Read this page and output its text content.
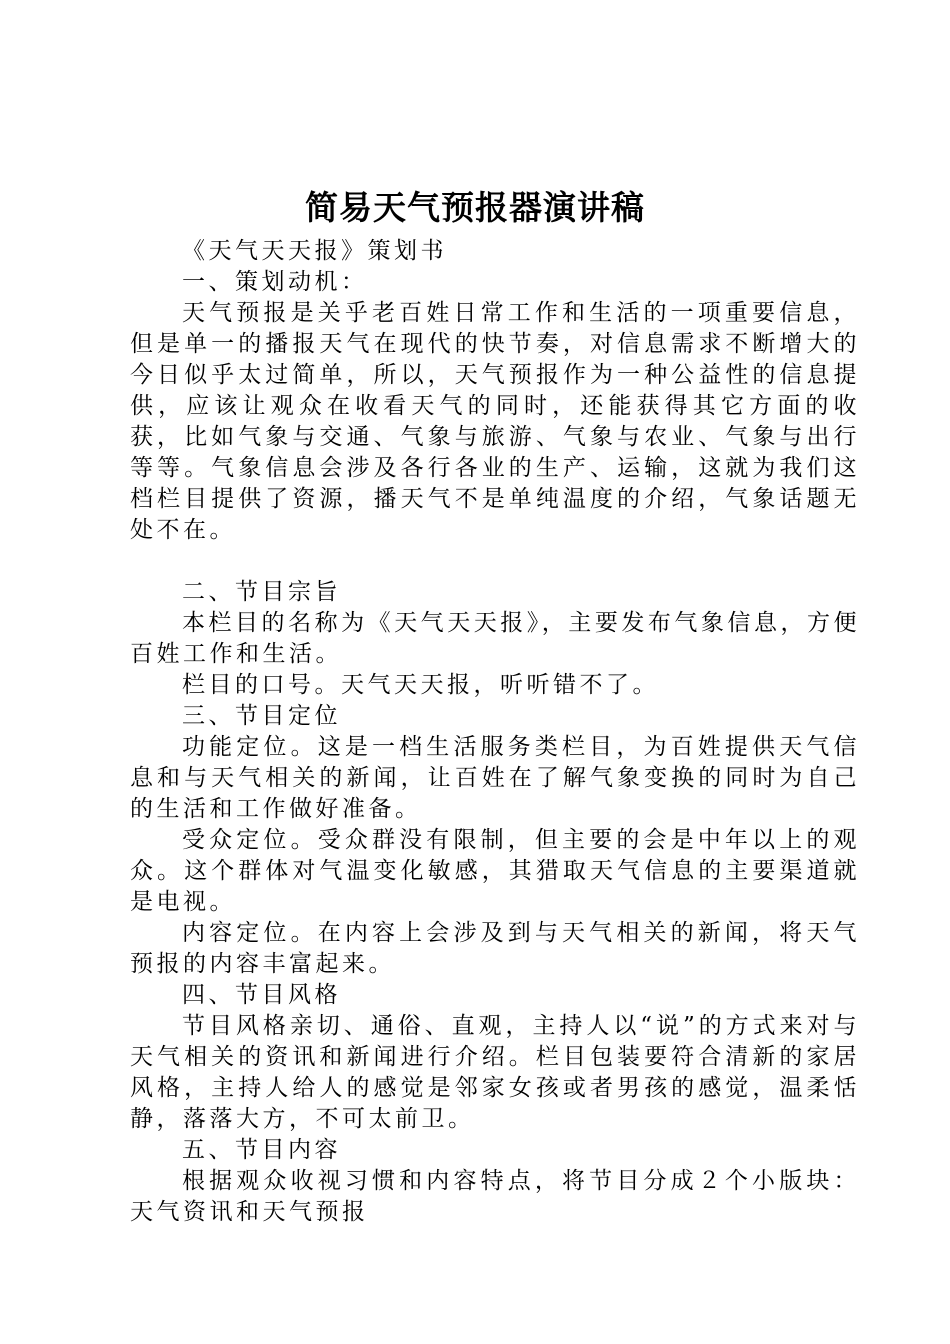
简易天气预报器演讲稿

《天气天天报》策划书

一、策划动机：

天气预报是关乎老百姓日常工作和生活的一项重要信息，但是单一的播报天气在现代的快节奏，对信息需求不断增大的今日似乎太过简单，所以，天气预报作为一种公益性的信息提供，应该让观众在收看天气的同时，还能获得其它方面的收获，比如气象与交通、气象与旅游、气象与农业、气象与出行等等。气象信息会涉及各行各业的生产、运输，这就为我们这档栏目提供了资源，播天气不是单纯温度的介绍，气象话题无处不在。

二、节目宗旨

本栏目的名称为《天气天天报》，主要发布气象信息，方便百姓工作和生活。

栏目的口号。天气天天报，听听错不了。

三、节目定位

功能定位。这是一档生活服务类栏目，为百姓提供天气信息和与天气相关的新闻，让百姓在了解气象变换的同时为自己的生活和工作做好准备。

受众定位。受众群没有限制，但主要的会是中年以上的观众。这个群体对气温变化敏感，其猎取天气信息的主要渠道就是电视。

内容定位。在内容上会涉及到与天气相关的新闻，将天气预报的内容丰富起来。

四、节目风格

节目风格亲切、通俗、直观，主持人以“说”的方式来对与天气相关的资讯和新闻进行介绍。栏目包装要符合清新的家居风格，主持人给人的感觉是邻家女孩或者男孩的感觉，温柔恬静，落落大方，不可太前卫。

五、节目内容

根据观众收视习惯和内容特点，将节目分成２个小版块：天气资讯和天气预报
